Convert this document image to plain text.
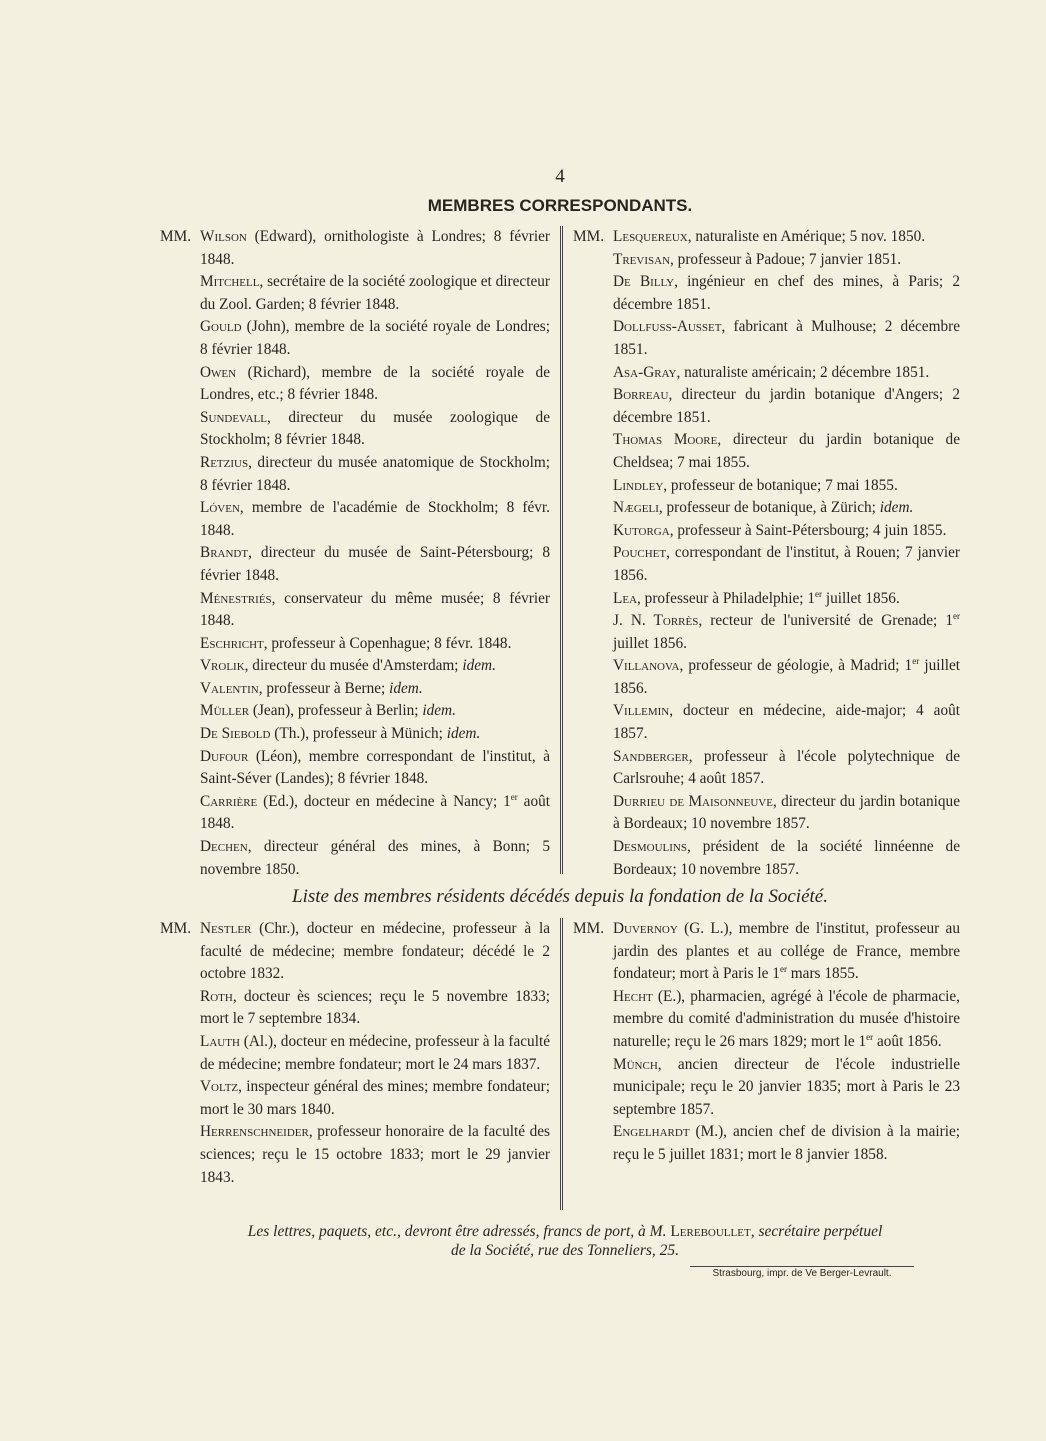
4
MEMBRES CORRESPONDANTS.
MM. Wilson (Edward), ornithologiste à Londres; 8 février 1848.
Mitchell, secrétaire de la société zoologique et directeur du Zool. Garden; 8 février 1848.
Gould (John), membre de la société royale de Londres; 8 février 1848.
Owen (Richard), membre de la société royale de Londres, etc.; 8 février 1848.
Sundevall, directeur du musée zoologique de Stockholm; 8 février 1848.
Retzius, directeur du musée anatomique de Stockholm; 8 février 1848.
Lóven, membre de l'académie de Stockholm; 8 févr. 1848.
Brandt, directeur du musée de Saint-Pétersbourg; 8 février 1848.
Ménestriés, conservateur du même musée; 8 février 1848.
Eschricht, professeur à Copenhague; 8 févr. 1848.
Vrolik, directeur du musée d'Amsterdam; idem.
Valentin, professeur à Berne; idem.
Müller (Jean), professeur à Berlin; idem.
De Siebold (Th.), professeur à Münich; idem.
Dufour (Léon), membre correspondant de l'institut, à Saint-Séver (Landes); 8 février 1848.
Carrière (Ed.), docteur en médecine à Nancy; 1er août 1848.
Dechen, directeur général des mines, à Bonn; 5 novembre 1850.
MM. Lesquereux, naturaliste en Amérique; 5 nov. 1850.
Trevisan, professeur à Padoue; 7 janvier 1851.
De Billy, ingénieur en chef des mines, à Paris; 2 décembre 1851.
Dollfuss-Ausset, fabricant à Mulhouse; 2 décembre 1851.
Asa-Gray, naturaliste américain; 2 décembre 1851.
Borreau, directeur du jardin botanique d'Angers; 2 décembre 1851.
Thomas Moore, directeur du jardin botanique de Cheldsea; 7 mai 1855.
Lindley, professeur de botanique; 7 mai 1855.
Nægeli, professeur de botanique, à Zürich; idem.
Kutorga, professeur à Saint-Pétersbourg; 4 juin 1855.
Pouchet, correspondant de l'institut, à Rouen; 7 janvier 1856.
Lea, professeur à Philadelphie; 1er juillet 1856.
J. N. Torrès, recteur de l'université de Grenade; 1er juillet 1856.
Villanova, professeur de géologie, à Madrid; 1er juillet 1856.
Villemin, docteur en médecine, aide-major; 4 août 1857.
Sandberger, professeur à l'école polytechnique de Carlsrouhe; 4 août 1857.
Durrieu de Maisonneuve, directeur du jardin botanique à Bordeaux; 10 novembre 1857.
Desmoulins, président de la société linnéenne de Bordeaux; 10 novembre 1857.
Liste des membres résidents décédés depuis la fondation de la Société.
MM. Nestler (Chr.), docteur en médecine, professeur à la faculté de médecine; membre fondateur; décédé le 2 octobre 1832.
Roth, docteur ès sciences; reçu le 5 novembre 1833; mort le 7 septembre 1834.
Lauth (Al.), docteur en médecine, professeur à la faculté de médecine; membre fondateur; mort le 24 mars 1837.
Voltz, inspecteur général des mines; membre fondateur; mort le 30 mars 1840.
Herrenschneider, professeur honoraire de la faculté des sciences; reçu le 15 octobre 1833; mort le 29 janvier 1843.
MM. Duvernoy (G. L.), membre de l'institut, professeur au jardin des plantes et au collége de France, membre fondateur; mort à Paris le 1er mars 1855.
Hecht (E.), pharmacien, agrégé à l'école de pharmacie, membre du comité d'administration du musée d'histoire naturelle; reçu le 26 mars 1829; mort le 1er août 1856.
Münch, ancien directeur de l'école industrielle municipale; reçu le 20 janvier 1835; mort à Paris le 23 septembre 1857.
Engelhardt (M.), ancien chef de division à la mairie; reçu le 5 juillet 1831; mort le 8 janvier 1858.
Les lettres, paquets, etc., devront être adressés, francs de port, à M. Lereboullet, secrétaire perpétuel
de la Société, rue des Tonneliers, 25.
Strasbourg, impr. de Ve Berger-Levrault.
